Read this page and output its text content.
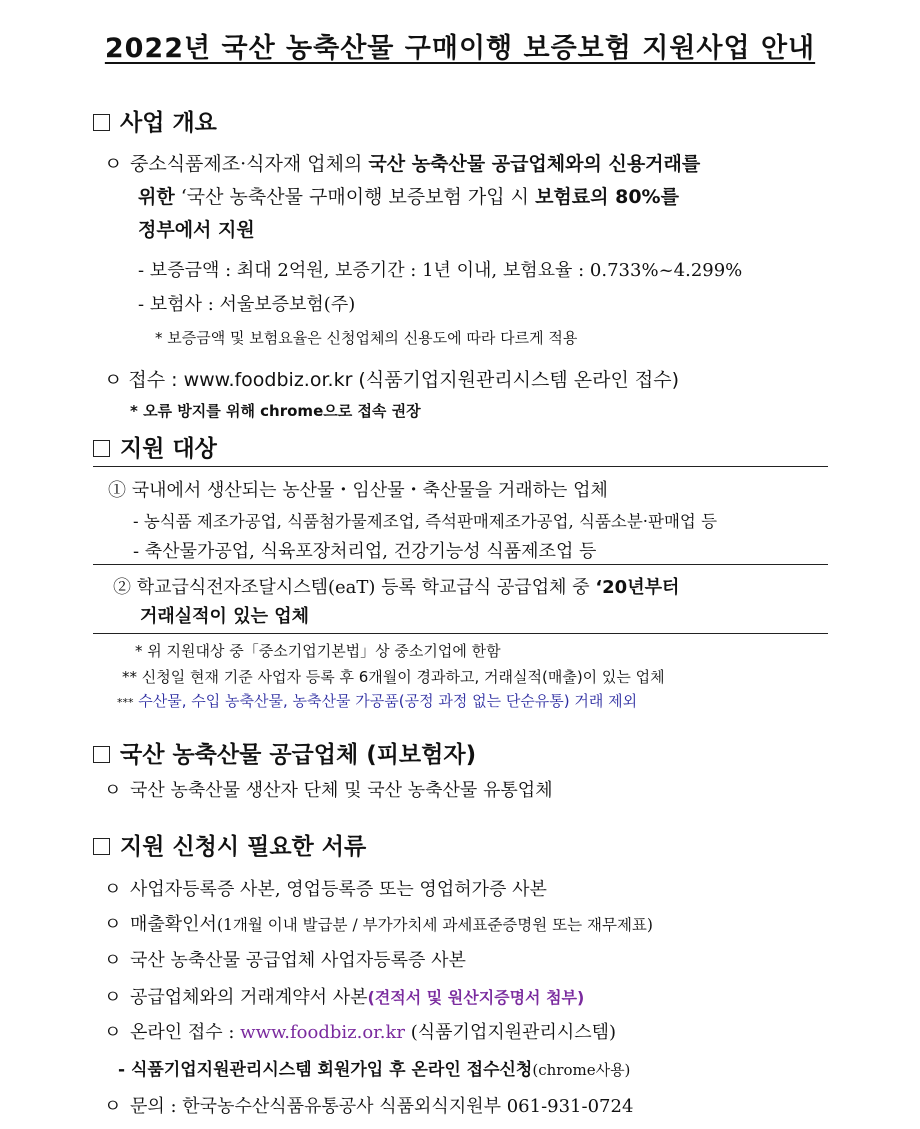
2022년 국산 농축산물 구매이행 보증보험 지원사업 안내
사업 개요
ㅇ 중소식품제조·식자재 업체의 국산 농축산물 공급업체와의 신용거래를
위한 ‘국산 농축산물 구매이행 보증보험 가입 시 보험료의 80%를
정부에서 지원
- 보증금액 : 최대 2억원, 보증기간 : 1년 이내, 보험요율 : 0.733%~4.299%
- 보험사 : 서울보증보험(주)
* 보증금액 및 보험요율은 신청업체의 신용도에 따라 다르게 적용
ㅇ 접수 : www.foodbiz.or.kr (식품기업지원관리시스템 온라인 접수)
* 오류 방지를 위해 chrome으로 접속 권장
지원 대상
① 국내에서 생산되는 농산물・임산물・축산물을 거래하는 업체
- 농식품 제조가공업, 식품첨가물제조업, 즉석판매제조가공업, 식품소분·판매업 등
- 축산물가공업, 식육포장처리업, 건강기능성 식품제조업 등
② 학교급식전자조달시스템(eaT) 등록 학교급식 공급업체 중 ‘20년부터
거래실적이 있는 업체
* 위 지원대상 중「중소기업기본법」상 중소기업에 한함
** 신청일 현재 기준 사업자 등록 후 6개월이 경과하고, 거래실적(매출)이 있는 업체
*** 수산물, 수입 농축산물, 농축산물 가공품(공정 과정 없는 단순유통) 거래 제외
국산 농축산물 공급업체 (피보험자)
ㅇ 국산 농축산물 생산자 단체 및 국산 농축산물 유통업체
지원 신청시 필요한 서류
ㅇ 사업자등록증 사본, 영업등록증 또는 영업허가증 사본
ㅇ 매출확인서(1개월 이내 발급분 / 부가가치세 과세표준증명원 또는 재무제표)
ㅇ 국산 농축산물 공급업체 사업자등록증 사본
ㅇ 공급업체와의 거래계약서 사본(견적서 및 원산지증명서 첨부)
ㅇ 온라인 접수 : www.foodbiz.or.kr (식품기업지원관리시스템)
- 식품기업지원관리시스템 회원가입 후 온라인 접수신청(chrome사용)
ㅇ 문의 : 한국농수산식품유통공사 식품외식지원부 061-931-0724
